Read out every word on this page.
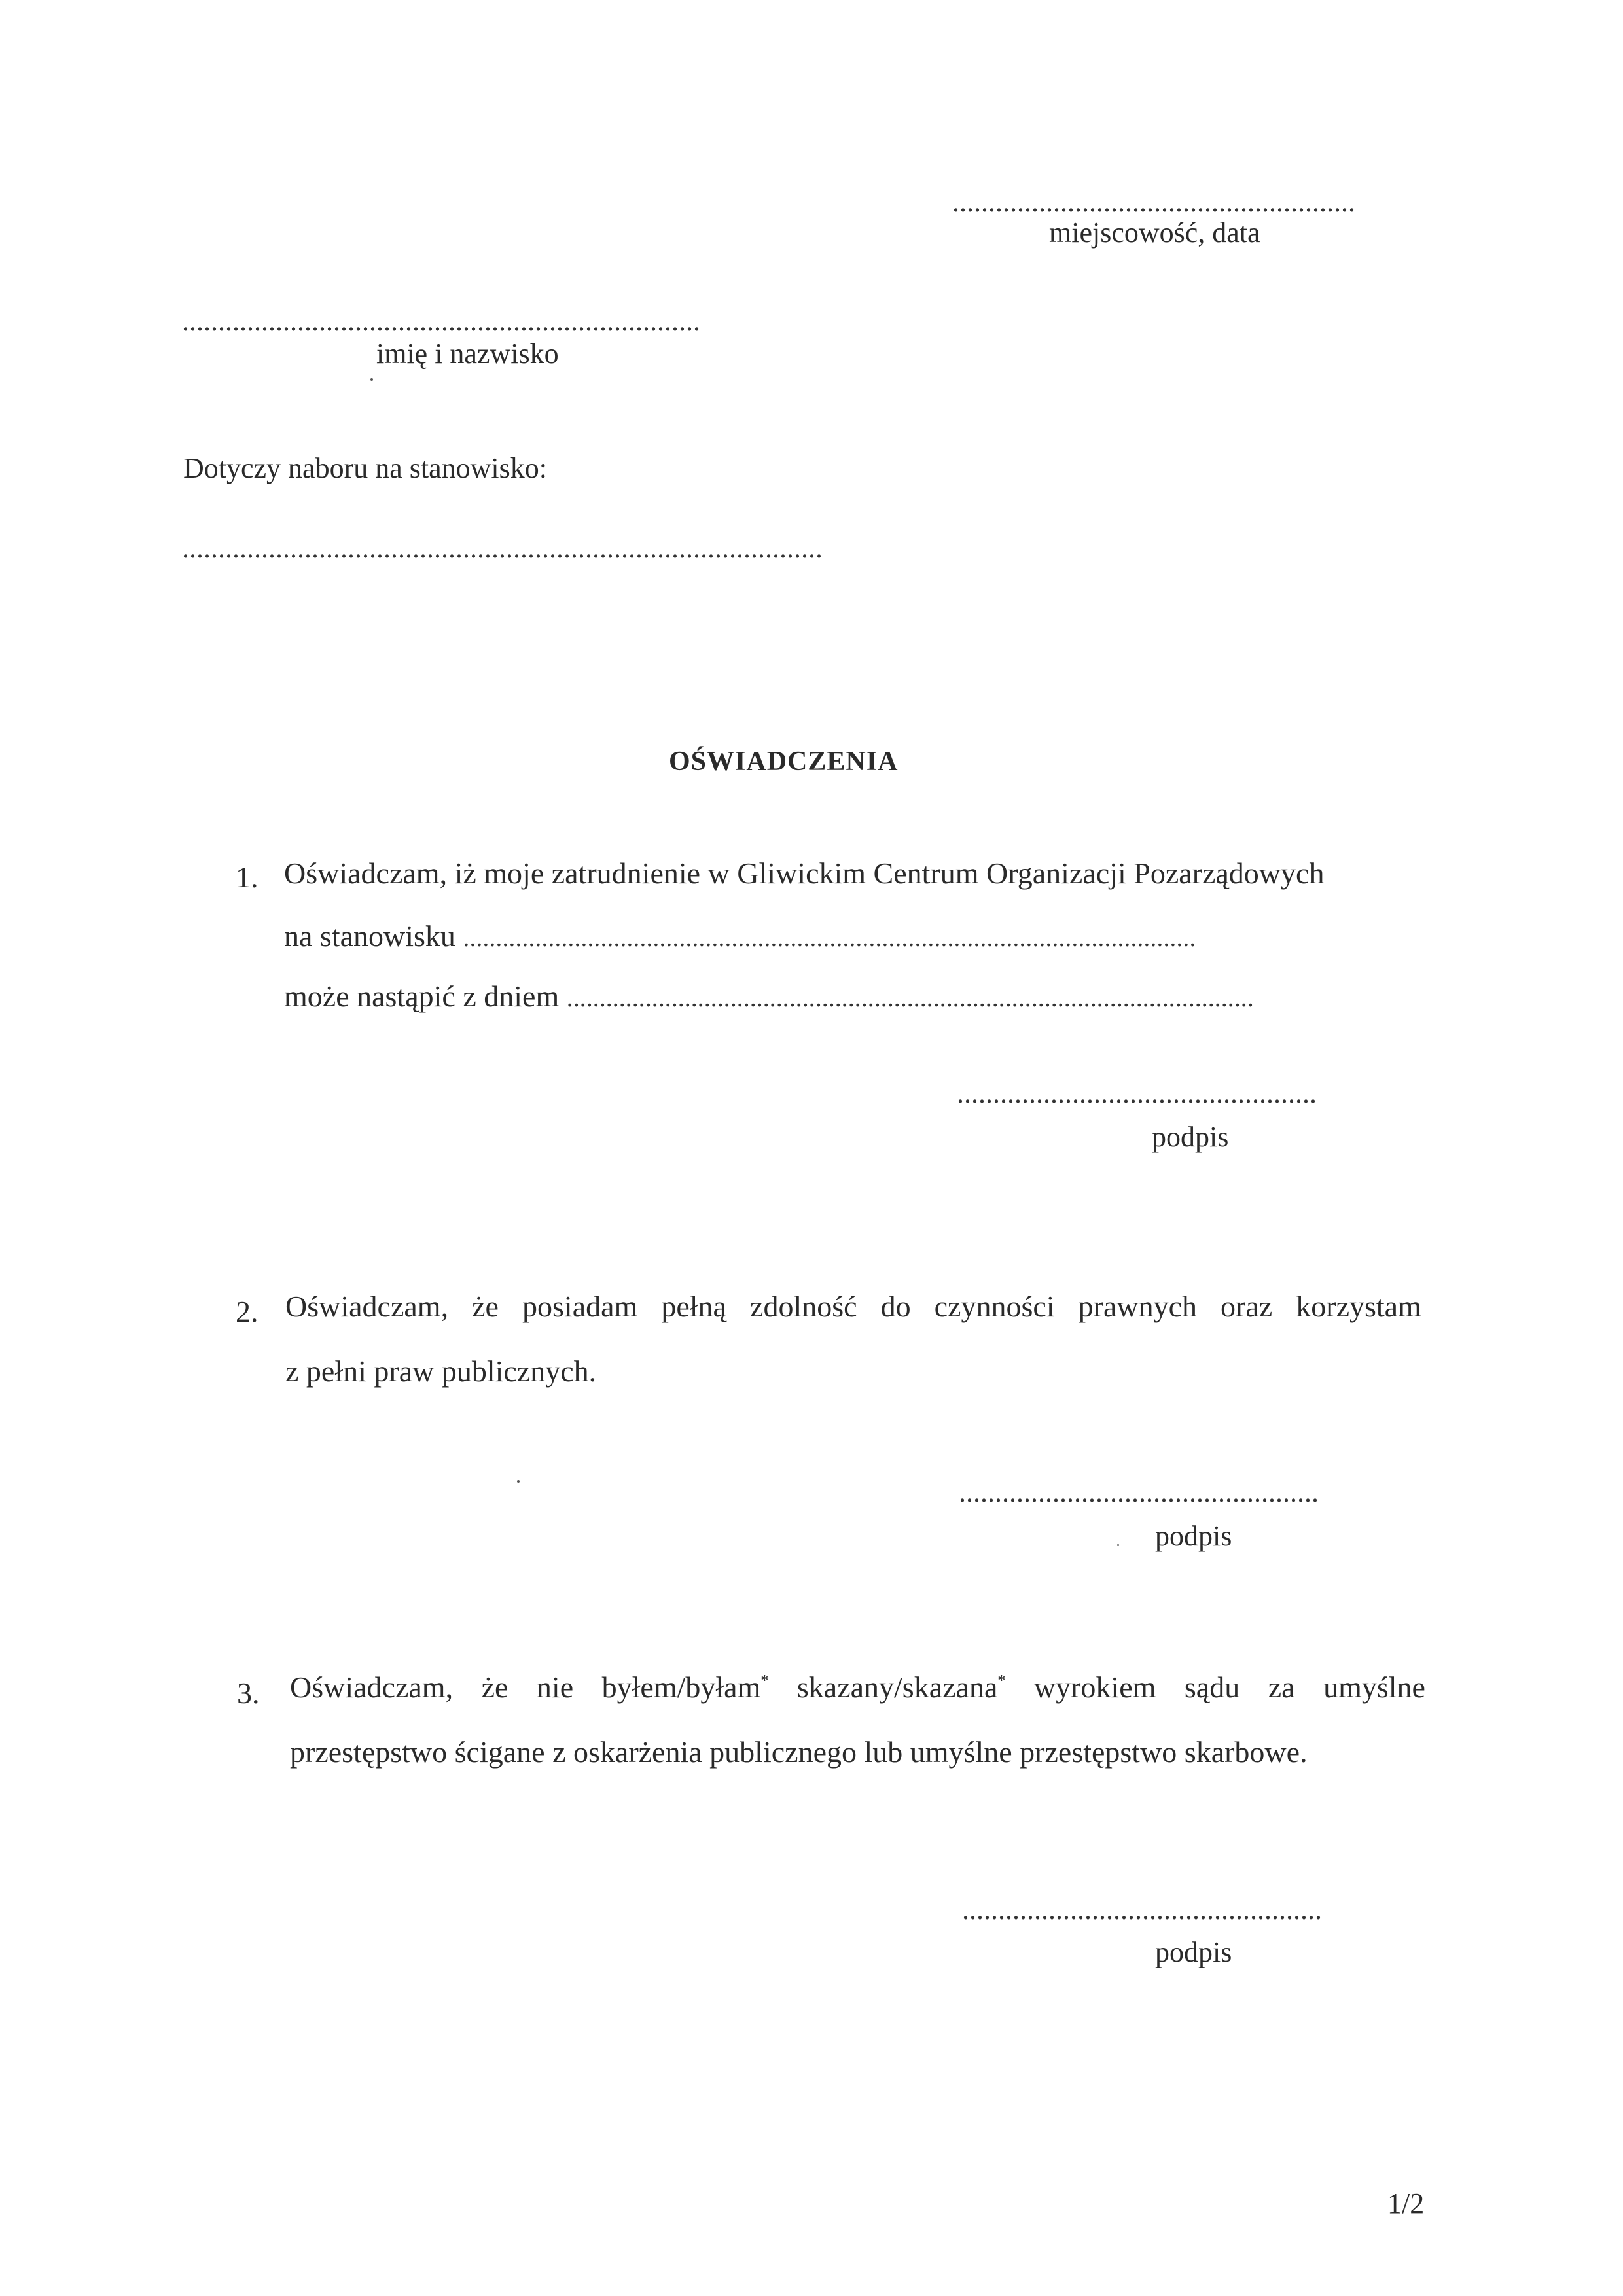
........................................................
miejscowość, data
........................................................................
imię i nazwisko
Dotyczy naboru na stanowisko:
.........................................................................................
OŚWIADCZENIA
1. Oświadczam, iż moje zatrudnienie w Gliwickim Centrum Organizacji Pozarządowych
na stanowisku ................................................................................................................
może nastąpić z dniem .........................................................................................................
..................................................
podpis
2. Oświadczam, że posiadam pełną zdolność do czynności prawnych oraz korzystam
z pełni praw publicznych.
..................................................
podpis
3. Oświadczam, że nie byłem/byłam* skazany/skazana* wyrokiem sądu za umyślne
przestępstwo ścigane z oskarżenia publicznego lub umyślne przestępstwo skarbowe.
..................................................
podpis
1/2
